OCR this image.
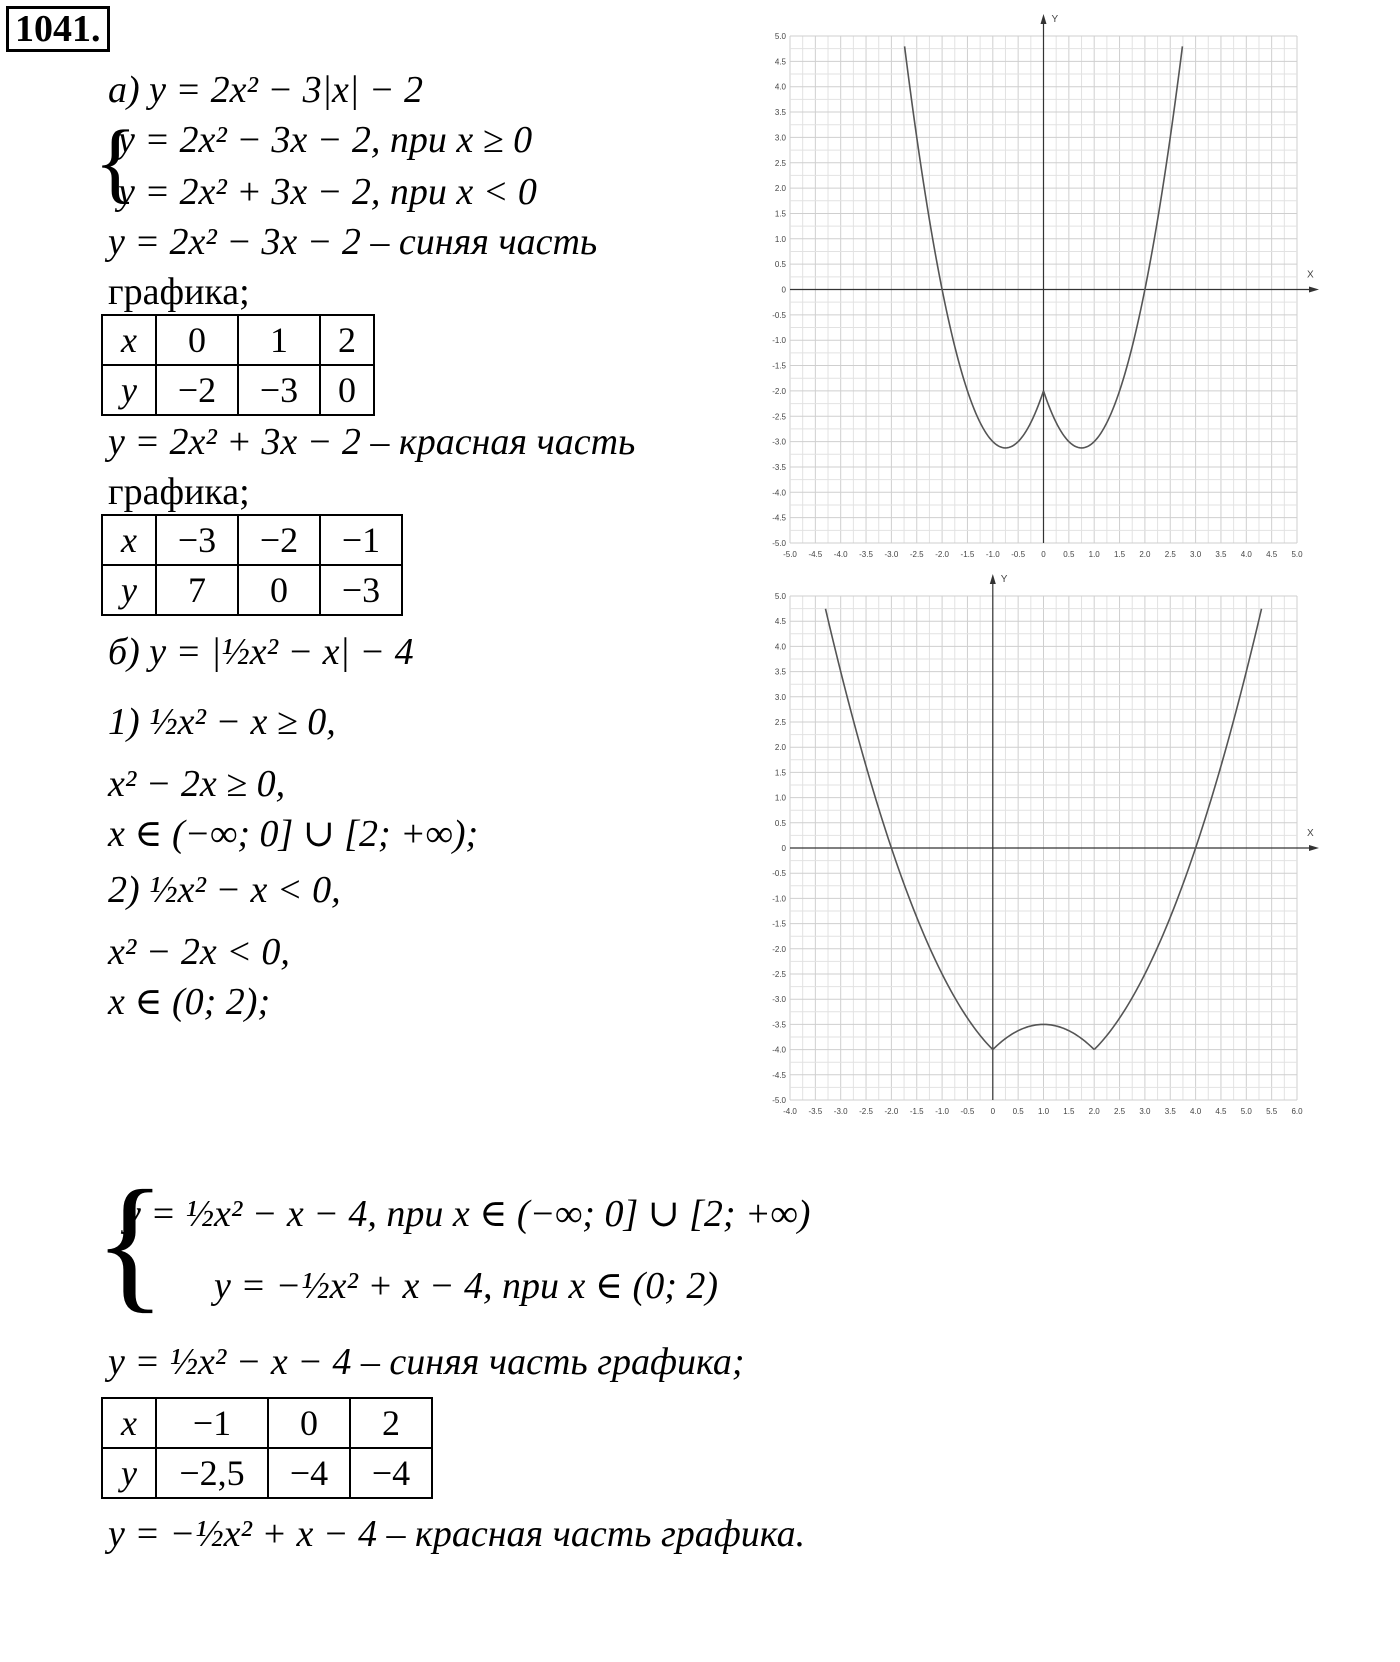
1041.
а) y = 2x² − 3|x| − 2
{
y = 2x² − 3x − 2, при x ≥ 0
y = 2x² + 3x − 2, при x < 0
y = 2x² − 3x − 2 – синяя часть
графика;
x	0	1	2
y	−2	−3	0
y = 2x² + 3x − 2 – красная часть
графика;
x	−3	−2	−1
y	7	0	−3
б) y = |½x² − x| − 4
1) ½x² − x ≥ 0,
x² − 2x ≥ 0,
x ∈ (−∞; 0] ∪ [2; +∞);
2) ½x² − x < 0,
x² − 2x < 0,
x ∈ (0; 2);
{
y = ½x² − x − 4, при x ∈ (−∞; 0] ∪ [2; +∞)
y = −½x² + x − 4, при x ∈ (0; 2)
y = ½x² − x − 4 – синяя часть графика;
x	−1	0	2
y	−2,5	−4	−4
y = −½x² + x − 4 – красная часть графика.
X
Y
-5.0 -4.5 -4.0 -3.5 -3.0 -2.5 -2.0 -1.5 -1.0 -0.5 0 0.5 1.0 1.5 2.0 2.5 3.0 3.5 4.0 4.5 5.0
-5.0
-4.5
-4.0
-3.5
-3.0
-2.5
-2.0
-1.5
-1.0
-0.5
0
0.5
1.0
1.5
2.0
2.5
3.0
3.5
4.0
4.5
5.0
X
Y
-4.0 -3.5 -3.0 -2.5 -2.0 -1.5 -1.0 -0.5 0 0.5 1.0 1.5 2.0 2.5 3.0 3.5 4.0 4.5 5.0 5.5 6.0
-5.0
-4.5
-4.0
-3.5
-3.0
-2.5
-2.0
-1.5
-1.0
-0.5
0
0.5
1.0
1.5
2.0
2.5
3.0
3.5
4.0
4.5
5.0
